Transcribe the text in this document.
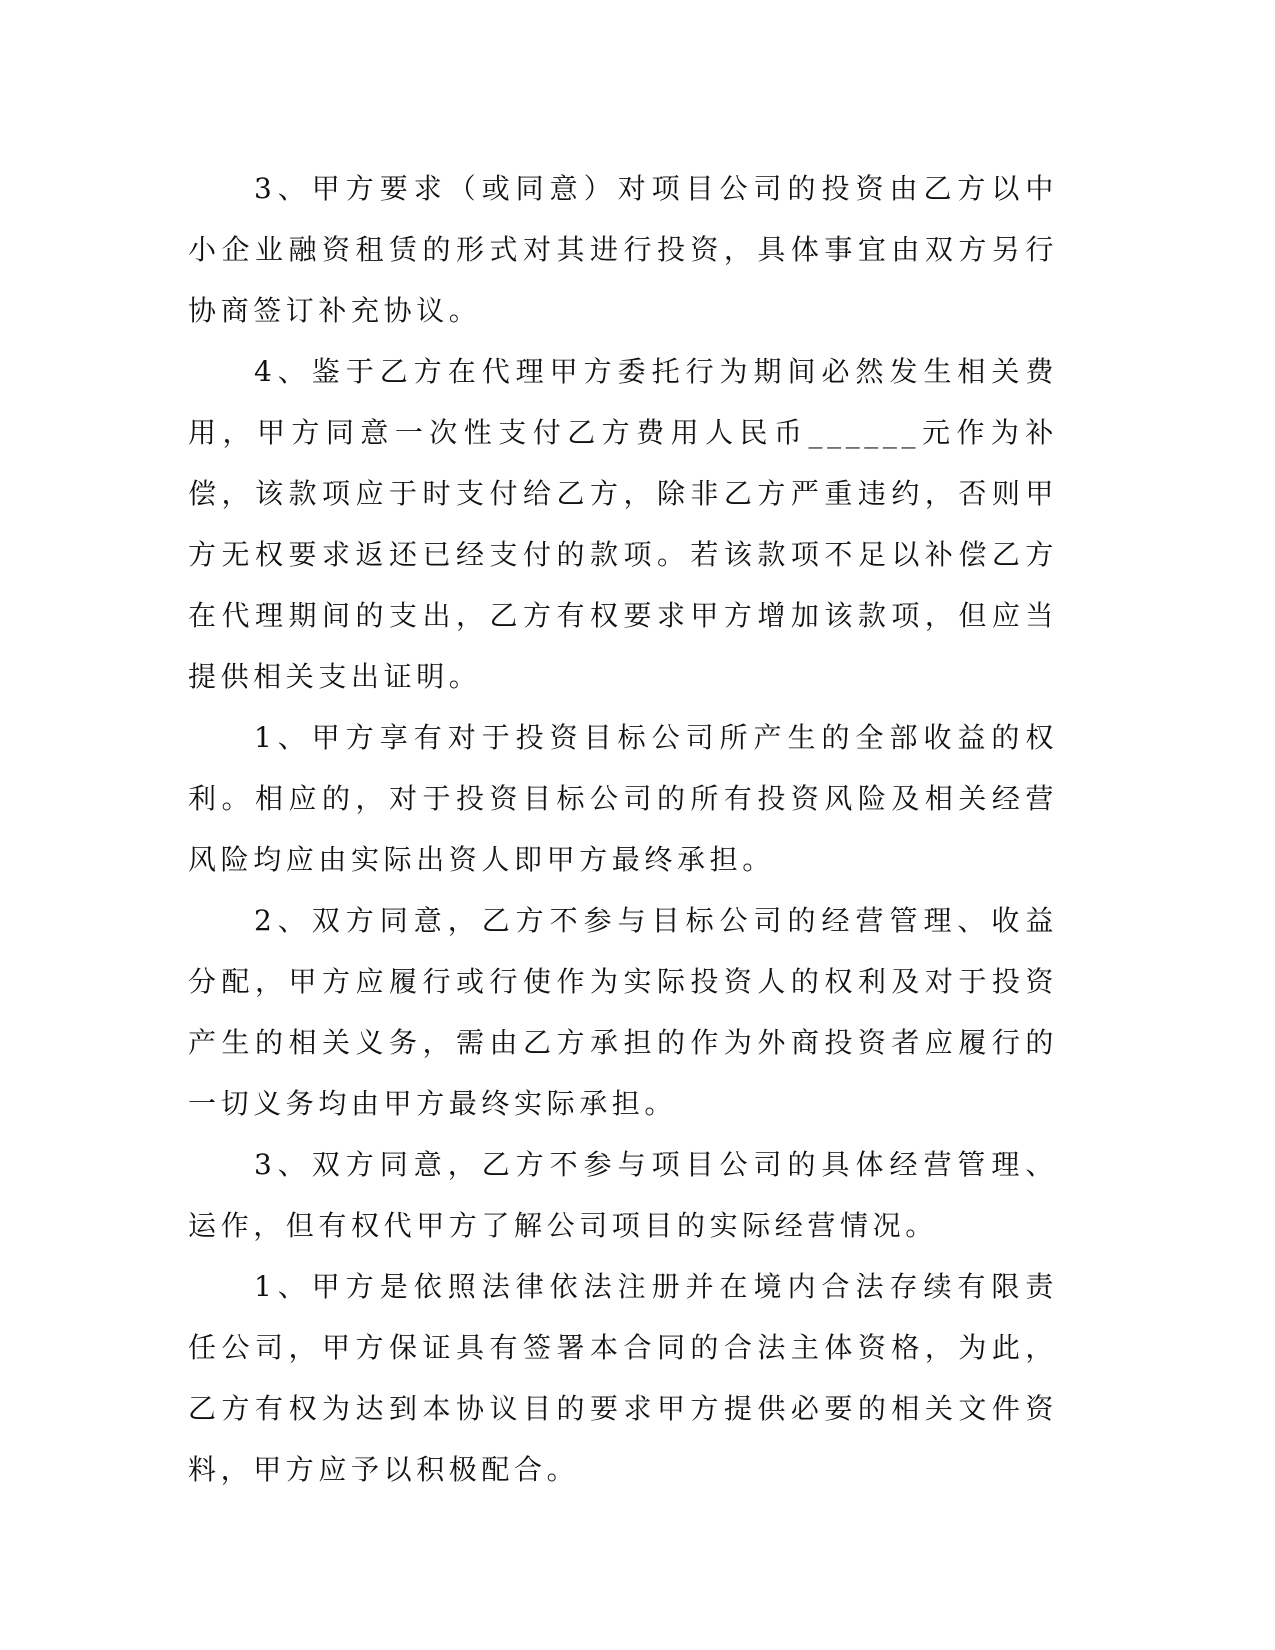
3、甲方要求（或同意）对项目公司的投资由乙方以中小企业融资租赁的形式对其进行投资，具体事宜由双方另行协商签订补充协议。

4、鉴于乙方在代理甲方委托行为期间必然发生相关费用，甲方同意一次性支付乙方费用人民币______元作为补偿，该款项应于时支付给乙方，除非乙方严重违约，否则甲方无权要求返还已经支付的款项。若该款项不足以补偿乙方在代理期间的支出，乙方有权要求甲方增加该款项，但应当提供相关支出证明。

1、甲方享有对于投资目标公司所产生的全部收益的权利。相应的，对于投资目标公司的所有投资风险及相关经营风险均应由实际出资人即甲方最终承担。

2、双方同意，乙方不参与目标公司的经营管理、收益分配，甲方应履行或行使作为实际投资人的权利及对于投资产生的相关义务，需由乙方承担的作为外商投资者应履行的一切义务均由甲方最终实际承担。

3、双方同意，乙方不参与项目公司的具体经营管理、运作，但有权代甲方了解公司项目的实际经营情况。

1、甲方是依照法律依法注册并在境内合法存续有限责任公司，甲方保证具有签署本合同的合法主体资格，为此，乙方有权为达到本协议目的要求甲方提供必要的相关文件资料，甲方应予以积极配合。
